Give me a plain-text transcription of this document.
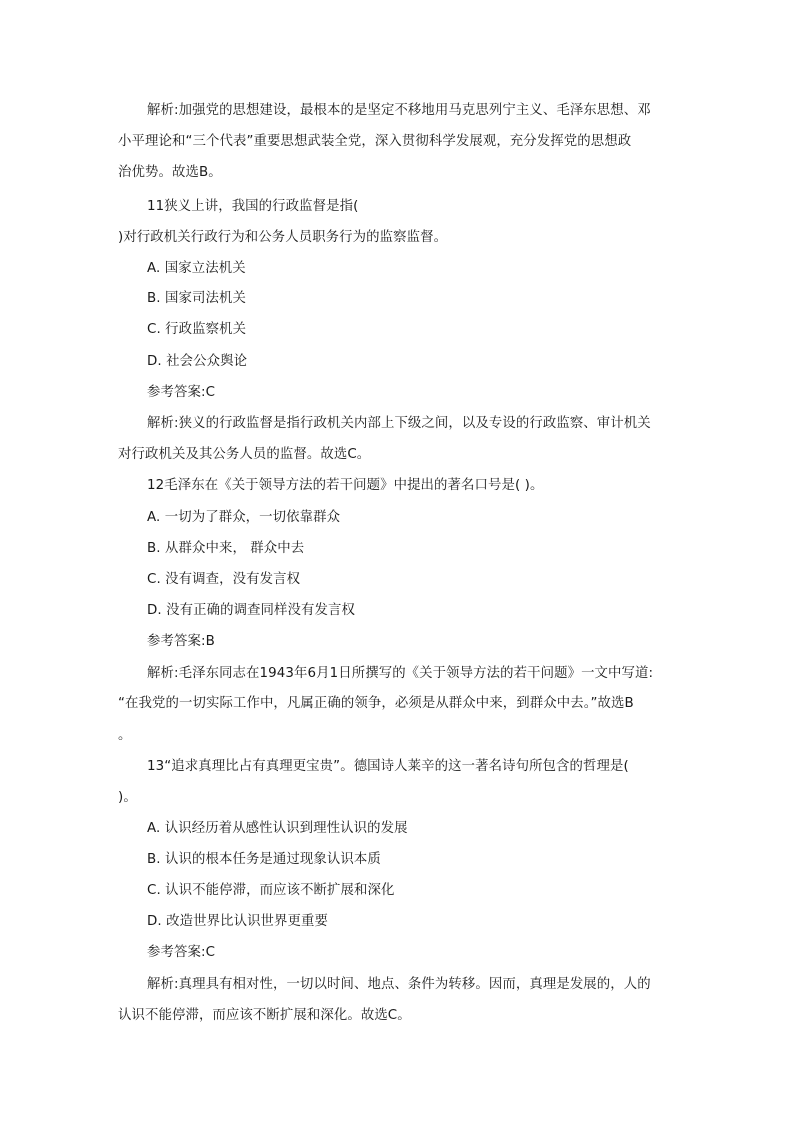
解析:加强党的思想建设，最根本的是坚定不移地用马克思列宁主义、毛泽东思想、邓
小平理论和“三个代表”重要思想武装全党，深入贯彻科学发展观，充分发挥党的思想政
治优势。故选B。
11狭义上讲，我国的行政监督是指(
)对行政机关行政行为和公务人员职务行为的监察监督。
A. 国家立法机关
B. 国家司法机关
C. 行政监察机关
D. 社会公众舆论
参考答案:C
解析:狭义的行政监督是指行政机关内部上下级之间，以及专设的行政监察、审计机关
对行政机关及其公务人员的监督。故选C。
12毛泽东在《关于领导方法的若干问题》中提出的著名口号是( )。
A. 一切为了群众，一切依靠群众
B. 从群众中来， 群众中去
C. 没有调查，没有发言权
D. 没有正确的调查同样没有发言权
参考答案:B
解析:毛泽东同志在1943年6月1日所撰写的《关于领导方法的若干问题》一文中写道:
“在我党的一切实际工作中，凡属正确的领争，必须是从群众中来，到群众中去。”故选B
。
13“追求真理比占有真理更宝贵”。德国诗人莱辛的这一著名诗句所包含的哲理是(
)。
A. 认识经历着从感性认识到理性认识的发展
B. 认识的根本任务是通过现象认识本质
C. 认识不能停滞，而应该不断扩展和深化
D. 改造世界比认识世界更重要
参考答案:C
解析:真理具有相对性，一切以时间、地点、条件为转移。因而，真理是发展的，人的
认识不能停滞，而应该不断扩展和深化。故选C。
